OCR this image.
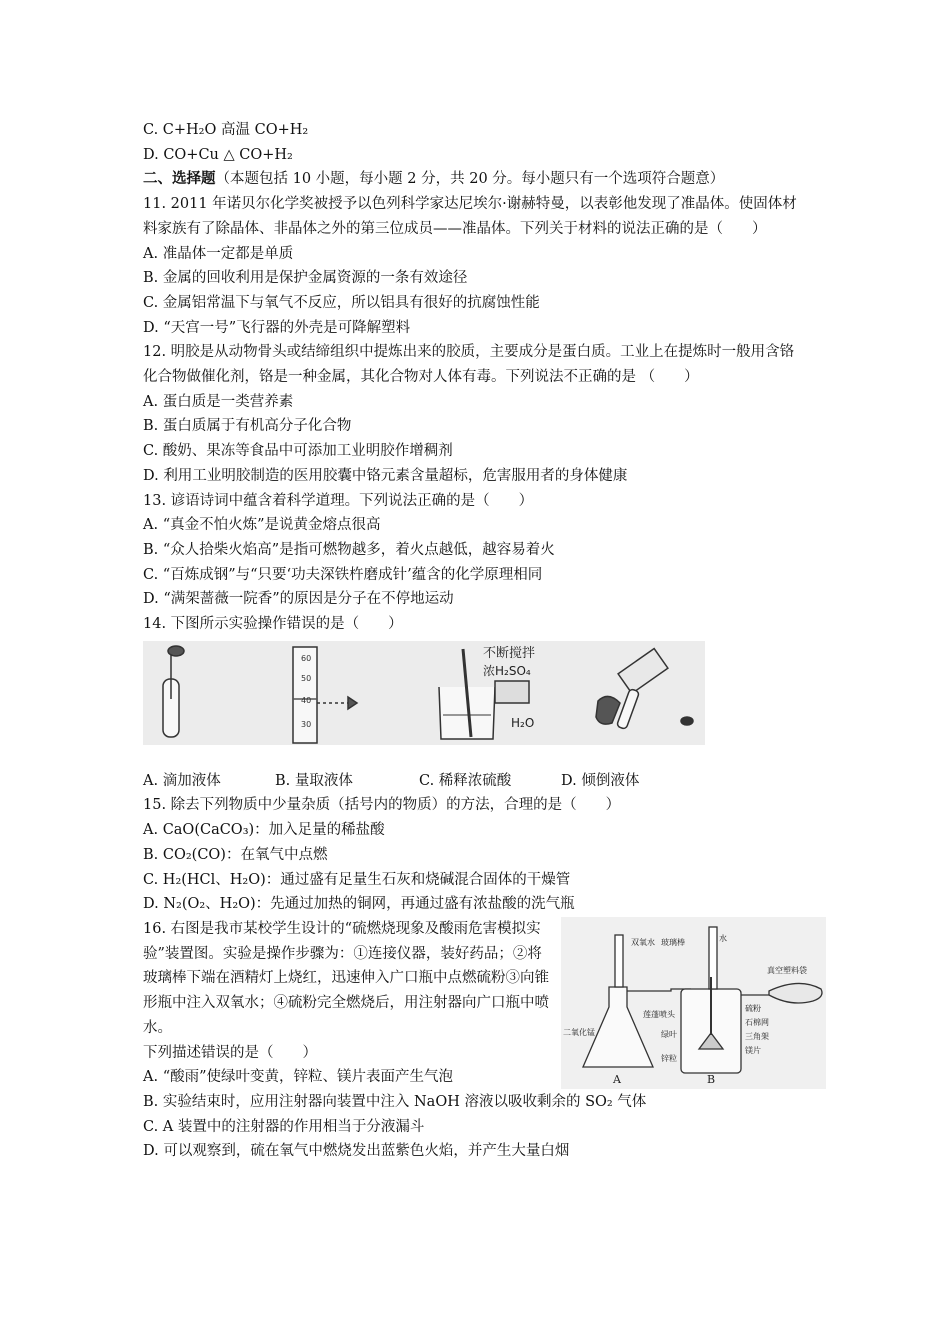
C. C+H₂O 高温 CO+H₂
D. CO+Cu △ CO+H₂
二、选择题（本题包括 10 小题，每小题 2 分，共 20 分。每小题只有一个选项符合题意）
11. 2011 年诺贝尔化学奖被授予以色列科学家达尼埃尔·谢赫特曼，以表彰他发现了准晶体。使固体材料家族有了除晶体、非晶体之外的第三位成员——准晶体。下列关于材料的说法正确的是（　　）
A. 准晶体一定都是单质
B. 金属的回收利用是保护金属资源的一条有效途径
C. 金属铝常温下与氧气不反应，所以铝具有很好的抗腐蚀性能
D. “天宫一号”飞行器的外壳是可降解塑料
12. 明胶是从动物骨头或结缔组织中提炼出来的胶质，主要成分是蛋白质。工业上在提炼时一般用含铬化合物做催化剂，铬是一种金属，其化合物对人体有毒。下列说法不正确的是 （　　）
A. 蛋白质是一类营养素
B. 蛋白质属于有机高分子化合物
C. 酸奶、果冻等食品中可添加工业明胶作增稠剂
D. 利用工业明胶制造的医用胶囊中铬元素含量超标，危害服用者的身体健康
13. 谚语诗词中蕴含着科学道理。下列说法正确的是（　　）
A. “真金不怕火炼”是说黄金熔点很高
B. “众人拾柴火焰高”是指可燃物越多，着火点越低，越容易着火
C. “百炼成钢”与“只要‘功夫深铁杵磨成针’蕴含的化学原理相同
D. “满架蔷薇一院香”的原因是分子在不停地运动
14. 下图所示实验操作错误的是（　　）
60
50
40
30
不断搅拌
浓H₂SO₄
H₂O
A. 滴加液体	B. 量取液体	C. 稀释浓硫酸	D. 倾倒液体
15. 除去下列物质中少量杂质（括号内的物质）的方法，合理的是（　　）
A. CaO(CaCO₃)：加入足量的稀盐酸
B. CO₂(CO)：在氧气中点燃
C. H₂(HCl、H₂O)：通过盛有足量生石灰和烧碱混合固体的干燥管
D. N₂(O₂、H₂O)：先通过加热的铜网，再通过盛有浓盐酸的洗气瓶
16. 右图是我市某校学生设计的“硫燃烧现象及酸雨危害模拟实验”装置图。实验是操作步骤为：①连接仪器，装好药品；②将玻璃棒下端在酒精灯上烧红，迅速伸入广口瓶中点燃硫粉③向锥形瓶中注入双氧水；④硫粉完全燃烧后，用注射器向广口瓶中喷水。
下列描述错误的是（　　）
双氧水 玻璃棒	水
真空塑料袋
二氧化锰
莲蓬喷头
硫粉
石棉网
绿叶	三角架
锌粒
镁片
A	B
A. “酸雨”使绿叶变黄，锌粒、镁片表面产生气泡
B. 实验结束时，应用注射器向装置中注入 NaOH 溶液以吸收剩余的 SO₂ 气体
C. A 装置中的注射器的作用相当于分液漏斗
D. 可以观察到，硫在氧气中燃烧发出蓝紫色火焰，并产生大量白烟
